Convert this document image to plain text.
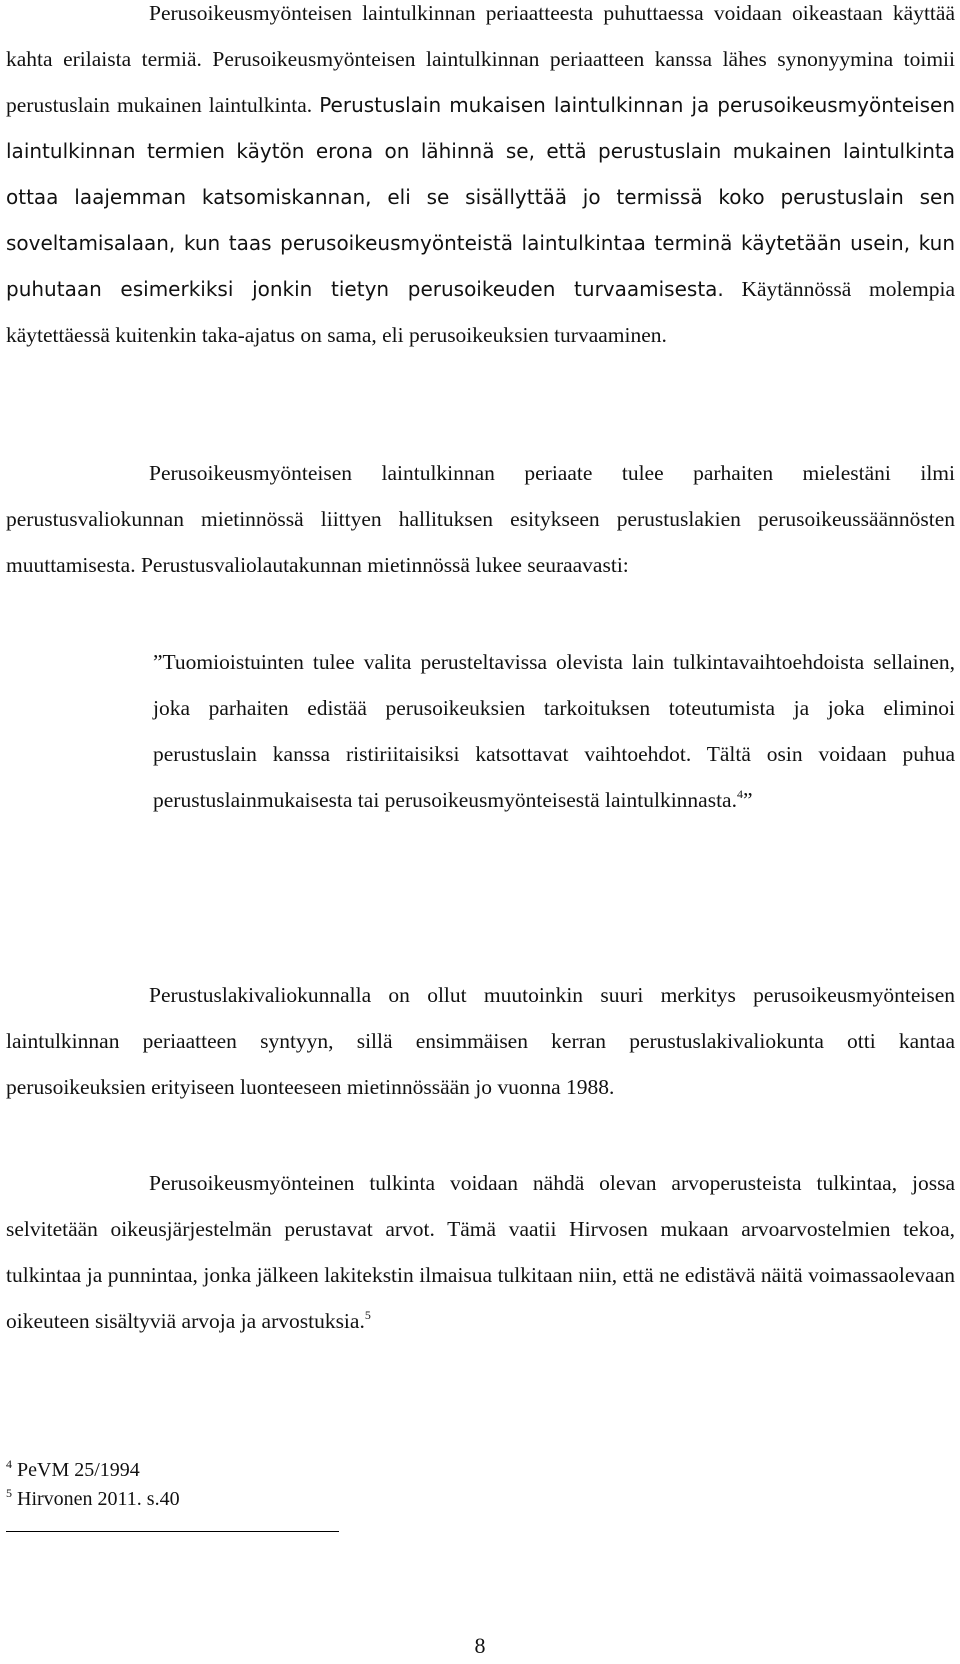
Perusoikeusmyönteisen laintulkinnan periaatteesta puhuttaessa voidaan oikeastaan käyttää kahta erilaista termiä. Perusoikeusmyönteisen laintulkinnan periaatteen kanssa lähes synonyymina toimii perustuslain mukainen laintulkinta. Perustuslain mukaisen laintulkinnan ja perusoikeusmyönteisen laintulkinnan termien käytön erona on lähinnä se, että perustuslain mukainen laintulkinta ottaa laajemman katsomiskannan, eli se sisällyttää jo termissä koko perustuslain sen soveltamisalaan, kun taas perusoikeusmyönteistä laintulkintaa terminä käytetään usein, kun puhutaan esimerkiksi jonkin tietyn perusoikeuden turvaamisesta. Käytännössä molempia käytettäessä kuitenkin taka-ajatus on sama, eli perusoikeuksien turvaaminen.

Perusoikeusmyönteisen laintulkinnan periaate tulee parhaiten mielestäni ilmi perustusvaliokunnan mietinnössä liittyen hallituksen esitykseen perustuslakien perusoikeussäännösten muuttamisesta. Perustusvaliolautakunnan mietinnössä lukee seuraavasti:

”Tuomioistuinten tulee valita perusteltavissa olevista lain tulkintavaihtoehdoista sellainen, joka parhaiten edistää perusoikeuksien tarkoituksen toteutumista ja joka eliminoi perustuslain kanssa ristiriitaisiksi katsottavat vaihtoehdot. Tältä osin voidaan puhua perustuslainmukaisesta tai perusoikeusmyönteisestä laintulkinnasta.$^4$”

Perustuslakivaliokunnalla on ollut muutoinkin suuri merkitys perusoikeusmyönteisen laintulkinnan periaatteen syntyyn, sillä ensimmäisen kerran perustuslakivaliokunta otti kantaa perusoikeuksien erityiseen luonteeseen mietinnössään jo vuonna 1988.

Perusoikeusmyönteinen tulkinta voidaan nähdä olevan arvoperusteista tulkintaa, jossa selvitetään oikeusjärjestelmän perustavat arvot. Tämä vaatii Hirvosen mukaan arvoarvostelmien tekoa, tulkintaa ja punnintaa, jonka jälkeen lakitekstin ilmaisua tulkitaan niin, että ne edistävä näitä voimassaolevaan oikeuteen sisältyviä arvoja ja arvostuksia.$^5$

$^4$ PeVM 25/1994
$^5$ Hirvonen 2011. s.40
8
